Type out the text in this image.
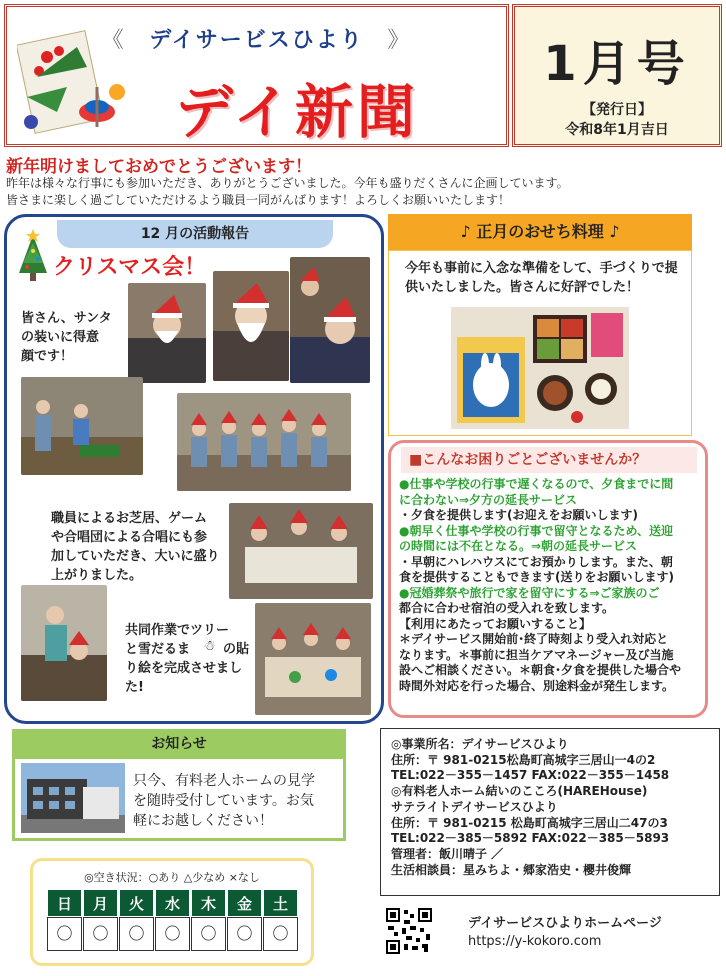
《 デイサービスひより 》
デイ新聞
1月号
【発行日】
令和8年1月吉日
新年明けましておめでとうございます！
昨年は様々な行事にも参加いただき、ありがとうございました。今年も盛りだくさんに企画しています。
皆さまに楽しく過ごしていただけるよう職員一同がんばります！よろしくお願いいたします！
12 月の活動報告
クリスマス会！
皆さん、サンタ
の装いに得意
顔です！
職員によるお芝居、ゲーム
や合唱団による合唱にも参
加していただき、大いに盛り
上がりました。
共同作業でツリー
と雪だるま ☃ の貼
り絵を完成させまし
た!
♪ 正月のおせち料理 ♪
今年も事前に入念な準備をして、手づくりで提
供いたしました。皆さんに好評でした！
■こんなお困りごとございませんか？
●仕事や学校の行事で遅くなるので、夕食までに間
に合わない⇒夕方の延長サービス
・夕食を提供します(お迎えをお願いします)
●朝早く仕事や学校の行事で留守となるため、送迎
の時間には不在となる。⇒朝の延長サービス
・早朝にハレハウスにてお預かりします。また、朝
食を提供することもできます(送りをお願いします)
●冠婚葬祭や旅行で家を留守にする⇒ご家族のご
都合に合わせ宿泊の受入れを致します。
【利用にあたってお願いすること】
＊デイサービス開始前･終了時刻より受入れ対応と
なります。＊事前に担当ケアマネージャー及び当施
設へご相談ください。＊朝食･夕食を提供した場合や
時間外対応を行った場合、別途料金が発生します。
お知らせ
只今、有料老人ホームの見学
を随時受付しています。お気
軽にお越しください！
◎事業所名：デイサービスひより
住所：〒 981-0215松島町高城字三居山一4の2
TEL:022－355－1457 FAX:022－355－1458
◎有料老人ホーム結いのこころ(HAREHouse)
サテライトデイサービスひより
住所：〒 981-0215 松島町高城字三居山二47の3
TEL:022－385－5892 FAX:022－385－5893
管理者：飯川晴子 ／
生活相談員：星みちよ・郷家浩史・櫻井俊輝
◎空き状況：○あり △少なめ ×なし
日
〇
月
〇
火
〇
水
〇
木
〇
金
〇
土
〇
デイサービスひよりホームページ
https://y-kokoro.com
